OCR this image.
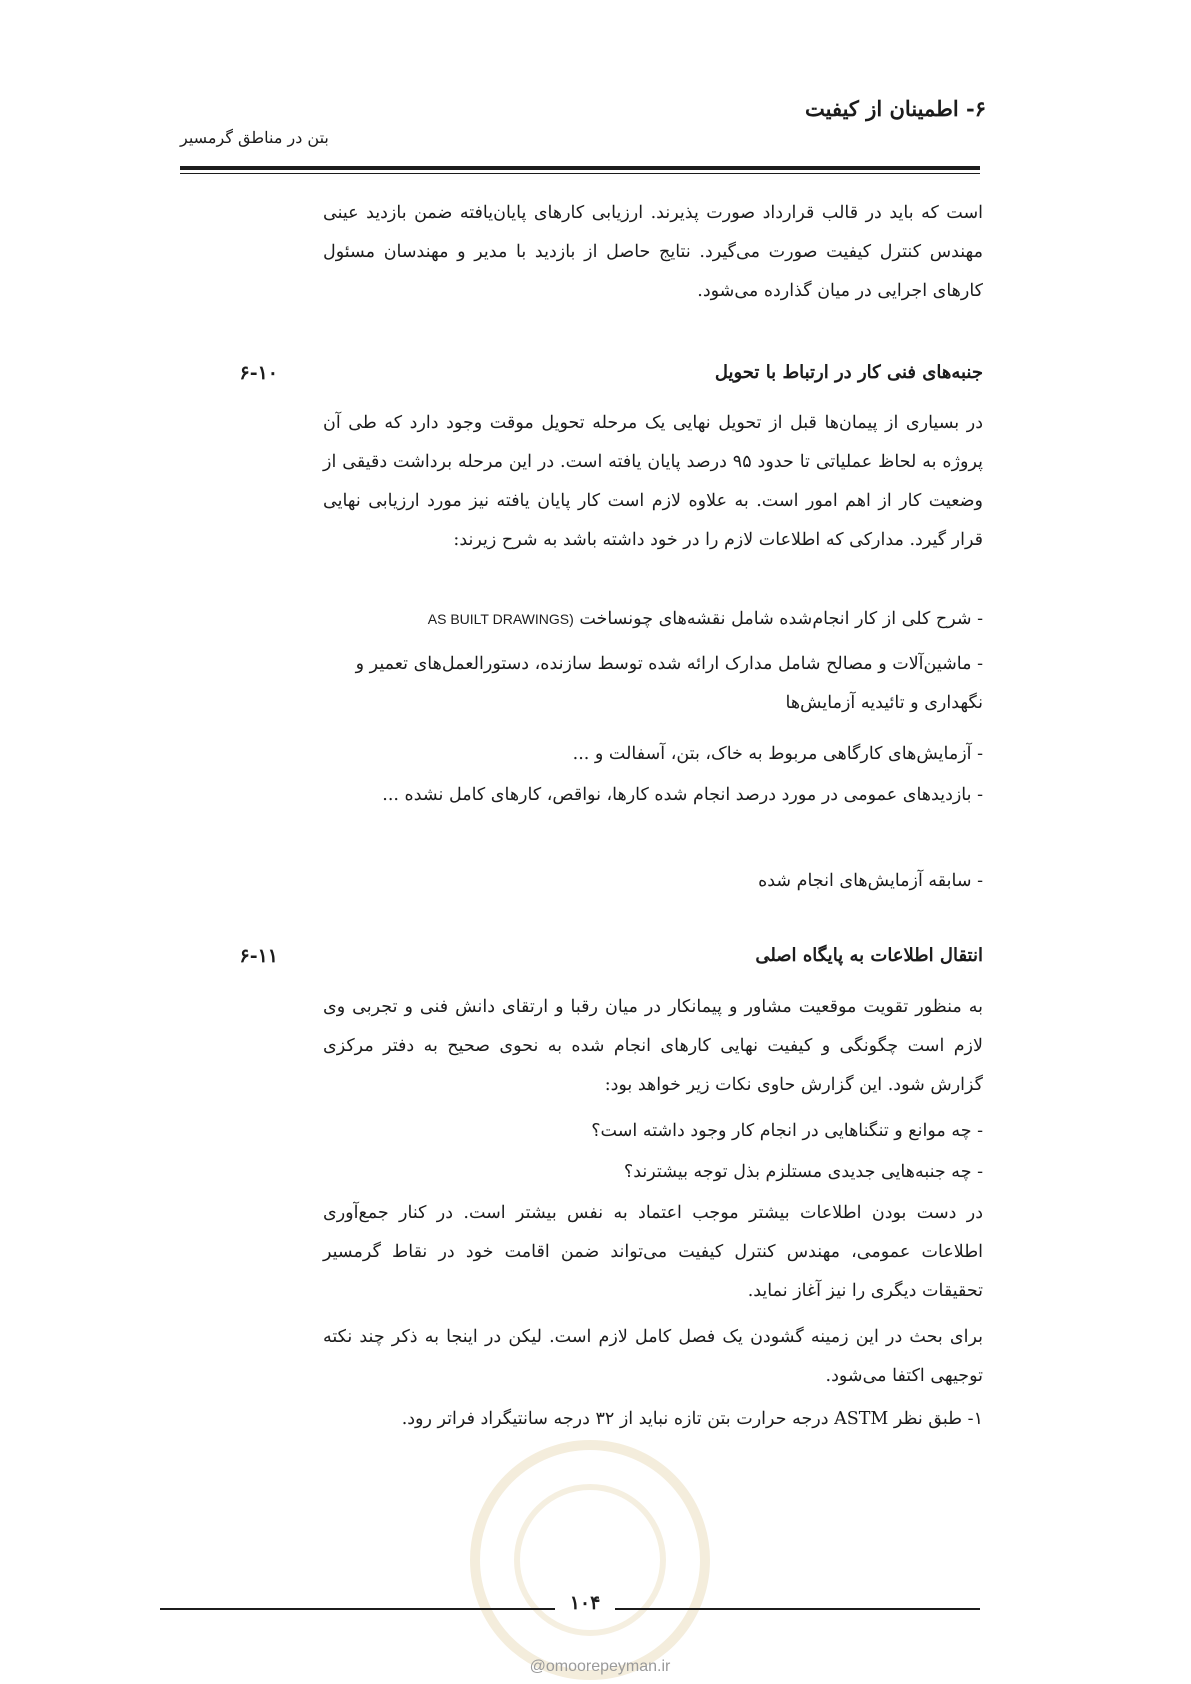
۶- اطمینان از کیفیت
بتن در مناطق گرمسیر
است که باید در قالب قرارداد صورت پذیرند. ارزیابی کارهای پایان‌یافته ضمن بازدید عینی مهندس کنترل کیفیت صورت می‌گیرد. نتایج حاصل از بازدید با مدیر و مهندسان مسئول کارهای اجرایی در میان گذارده می‌شود.
جنبه‌های فنی کار در ارتباط با تحویل
۶-۱۰
در بسیاری از پیمان‌ها قبل از تحویل نهایی یک مرحله تحویل موقت وجود دارد که طی آن پروژه به لحاظ عملیاتی تا حدود ۹۵ درصد پایان یافته است. در این مرحله برداشت دقیقی از وضعیت کار از اهم امور است. به علاوه لازم است کار پایان یافته نیز مورد ارزیابی نهایی قرار گیرد. مدارکی که اطلاعات لازم را در خود داشته باشد به شرح زیرند:
- شرح کلی از کار انجام‌شده شامل نقشه‌های چونساخت (AS BUILT DRAWINGS
- ماشین‌آلات و مصالح شامل مدارک ارائه شده توسط سازنده، دستورالعمل‌های تعمیر و نگهداری و تائیدیه آزمایش‌ها
- آزمایش‌های کارگاهی مربوط به خاک، بتن، آسفالت و ...
- بازدیدهای عمومی در مورد درصد انجام شده کارها، نواقص، کارهای کامل نشده ...
- سابقه آزمایش‌های انجام شده
انتقال اطلاعات به پایگاه اصلی
۶-۱۱
به منظور تقویت موقعیت مشاور و پیمانکار در میان رقبا و ارتقای دانش فنی و تجربی وی لازم است چگونگی و کیفیت نهایی کارهای انجام شده به نحوی صحیح به دفتر مرکزی گزارش شود. این گزارش حاوی نکات زیر خواهد بود:
- چه موانع و تنگناهایی در انجام کار وجود داشته است؟
- چه جنبه‌هایی جدیدی مستلزم بذل توجه بیشترند؟
در دست بودن اطلاعات بیشتر موجب اعتماد به نفس بیشتر است. در کنار جمع‌آوری اطلاعات عمومی، مهندس کنترل کیفیت می‌تواند ضمن اقامت خود در نقاط گرمسیر تحقیقات دیگری را نیز آغاز نماید.
برای بحث در این زمینه گشودن یک فصل کامل لازم است. لیکن در اینجا به ذکر چند نکته توجیهی اکتفا می‌شود.
۱- طبق نظر ASTM درجه حرارت بتن تازه نباید از ۳۲ درجه سانتیگراد فراتر رود.
۱۰۴
@omoorepeyman.ir
